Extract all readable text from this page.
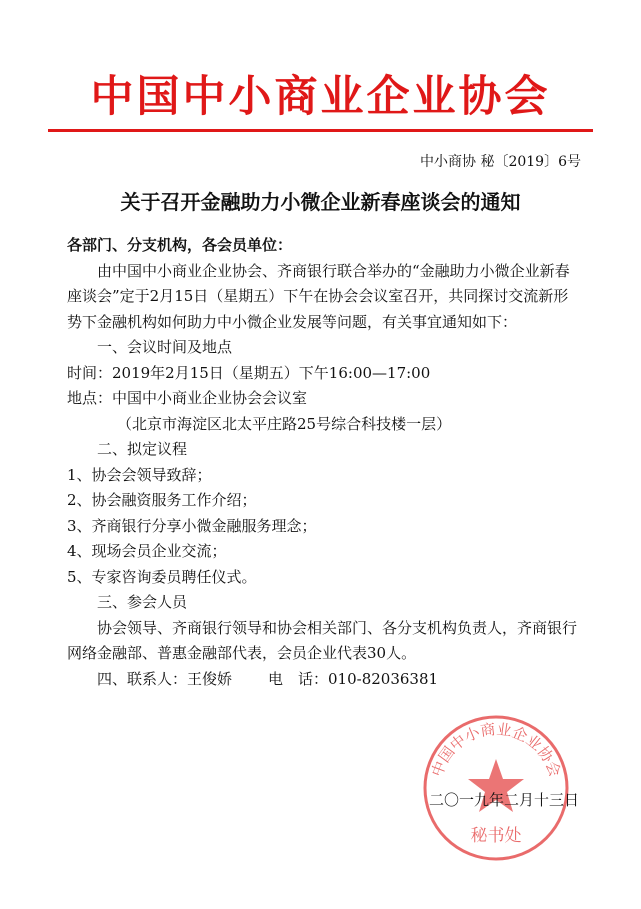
中国中小商业企业协会
中小商协 秘〔2019〕6号
关于召开金融助力小微企业新春座谈会的通知

各部门、分支机构，各会员单位：

由中国中小商业企业协会、齐商银行联合举办的“金融助力小微企业新春座谈会”定于2月15日（星期五）下午在协会会议室召开，共同探讨交流新形势下金融机构如何助力中小微企业发展等问题，有关事宜通知如下：

一、会议时间及地点

时间：2019年2月15日（星期五）下午16:00—17:00

地点：中国中小商业企业协会会议室

（北京市海淀区北太平庄路25号综合科技楼一层）

二、拟定议程

1、协会会领导致辞；

2、协会融资服务工作介绍；

3、齐商银行分享小微金融服务理念；

4、现场会员企业交流；

5、专家咨询委员聘任仪式。

三、参会人员

协会领导、齐商银行领导和协会相关部门、各分支机构负责人，齐商银行网络金融部、普惠金融部代表，会员企业代表30人。

四、联系人：王俊娇 电　话：010-82036381

中国中小商业企业协会
秘书处
二〇一九年二月十三日
